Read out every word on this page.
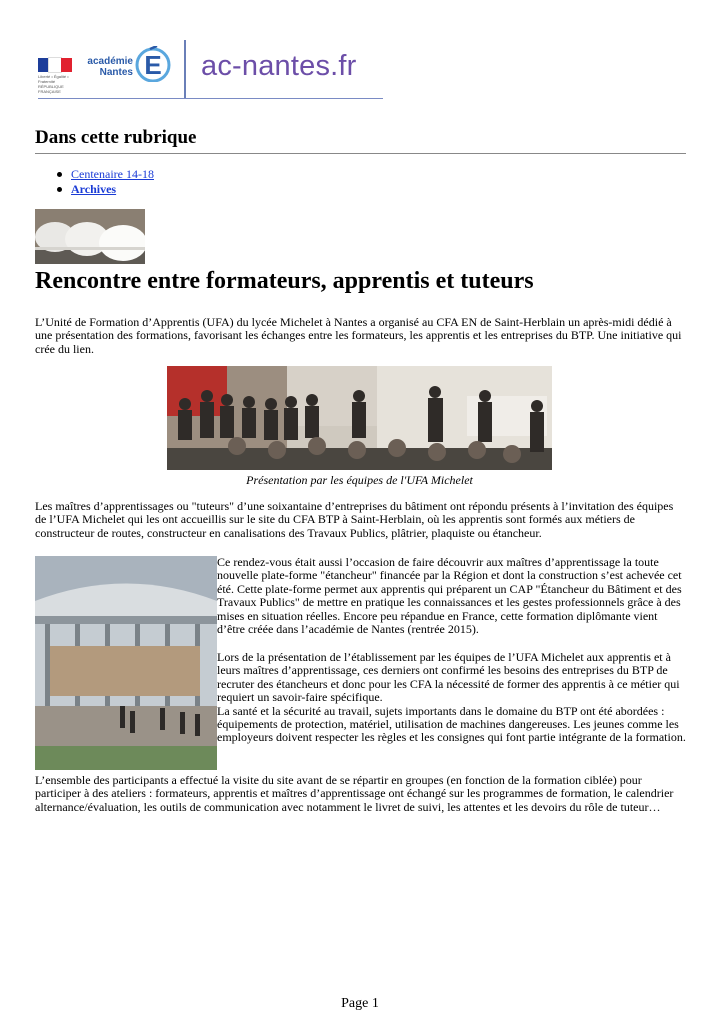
Liberté • Égalité • Fraternité RÉPUBLIQUE FRANÇAISE
académie
Nantes E ac-nantes.fr
Dans cette rubrique
Centenaire 14-18
Archives
Rencontre entre formateurs, apprentis et tuteurs
L’Unité de Formation d’Apprentis (UFA) du lycée Michelet à Nantes a organisé au CFA EN de Saint-Herblain un après-midi dédié à une présentation des formations, favorisant les échanges entre les formateurs, les apprentis et les entreprises du BTP. Une initiative qui crée du lien.
Présentation par les équipes de l'UFA Michelet
Les maîtres d’apprentissages ou "tuteurs" d’une soixantaine d’entreprises du bâtiment ont répondu présents à l’invitation des équipes de l’UFA Michelet qui les ont accueillis sur le site du CFA BTP à Saint-Herblain, où les apprentis sont formés aux métiers de constructeur de routes, constructeur en canalisations des Travaux Publics, plâtrier, plaquiste ou étancheur.
Ce rendez-vous était aussi l’occasion de faire découvrir aux maîtres d’apprentissage la toute nouvelle plate-forme "étancheur" financée par la Région et dont la construction s’est achevée cet été. Cette plate-forme permet aux apprentis qui préparent un CAP "Étancheur du Bâtiment et des Travaux Publics" de mettre en pratique les connaissances et les gestes professionnels grâce à des mises en situation réelles. Encore peu répandue en France, cette formation diplômante vient d’être créée dans l’académie de Nantes (rentrée 2015).
Lors de la présentation de l’établissement par les équipes de l’UFA Michelet aux apprentis et à leurs maîtres d’apprentissage, ces derniers ont confirmé les besoins des entreprises du BTP de recruter des étancheurs et donc pour les CFA la nécessité de former des apprentis à ce métier qui requiert un savoir-faire spécifique.
La santé et la sécurité au travail, sujets importants dans le domaine du BTP ont été abordées : équipements de protection, matériel, utilisation de machines dangereuses. Les jeunes comme les employeurs doivent respecter les règles et les consignes qui font partie intégrante de la formation.
L’ensemble des participants a effectué la visite du site avant de se répartir en groupes (en fonction de la formation ciblée) pour participer à des ateliers : formateurs, apprentis et maîtres d’apprentissage ont échangé sur les programmes de formation, le calendrier alternance/évaluation, les outils de communication avec notamment le livret de suivi, les attentes et les devoirs du rôle de tuteur…
Page 1
